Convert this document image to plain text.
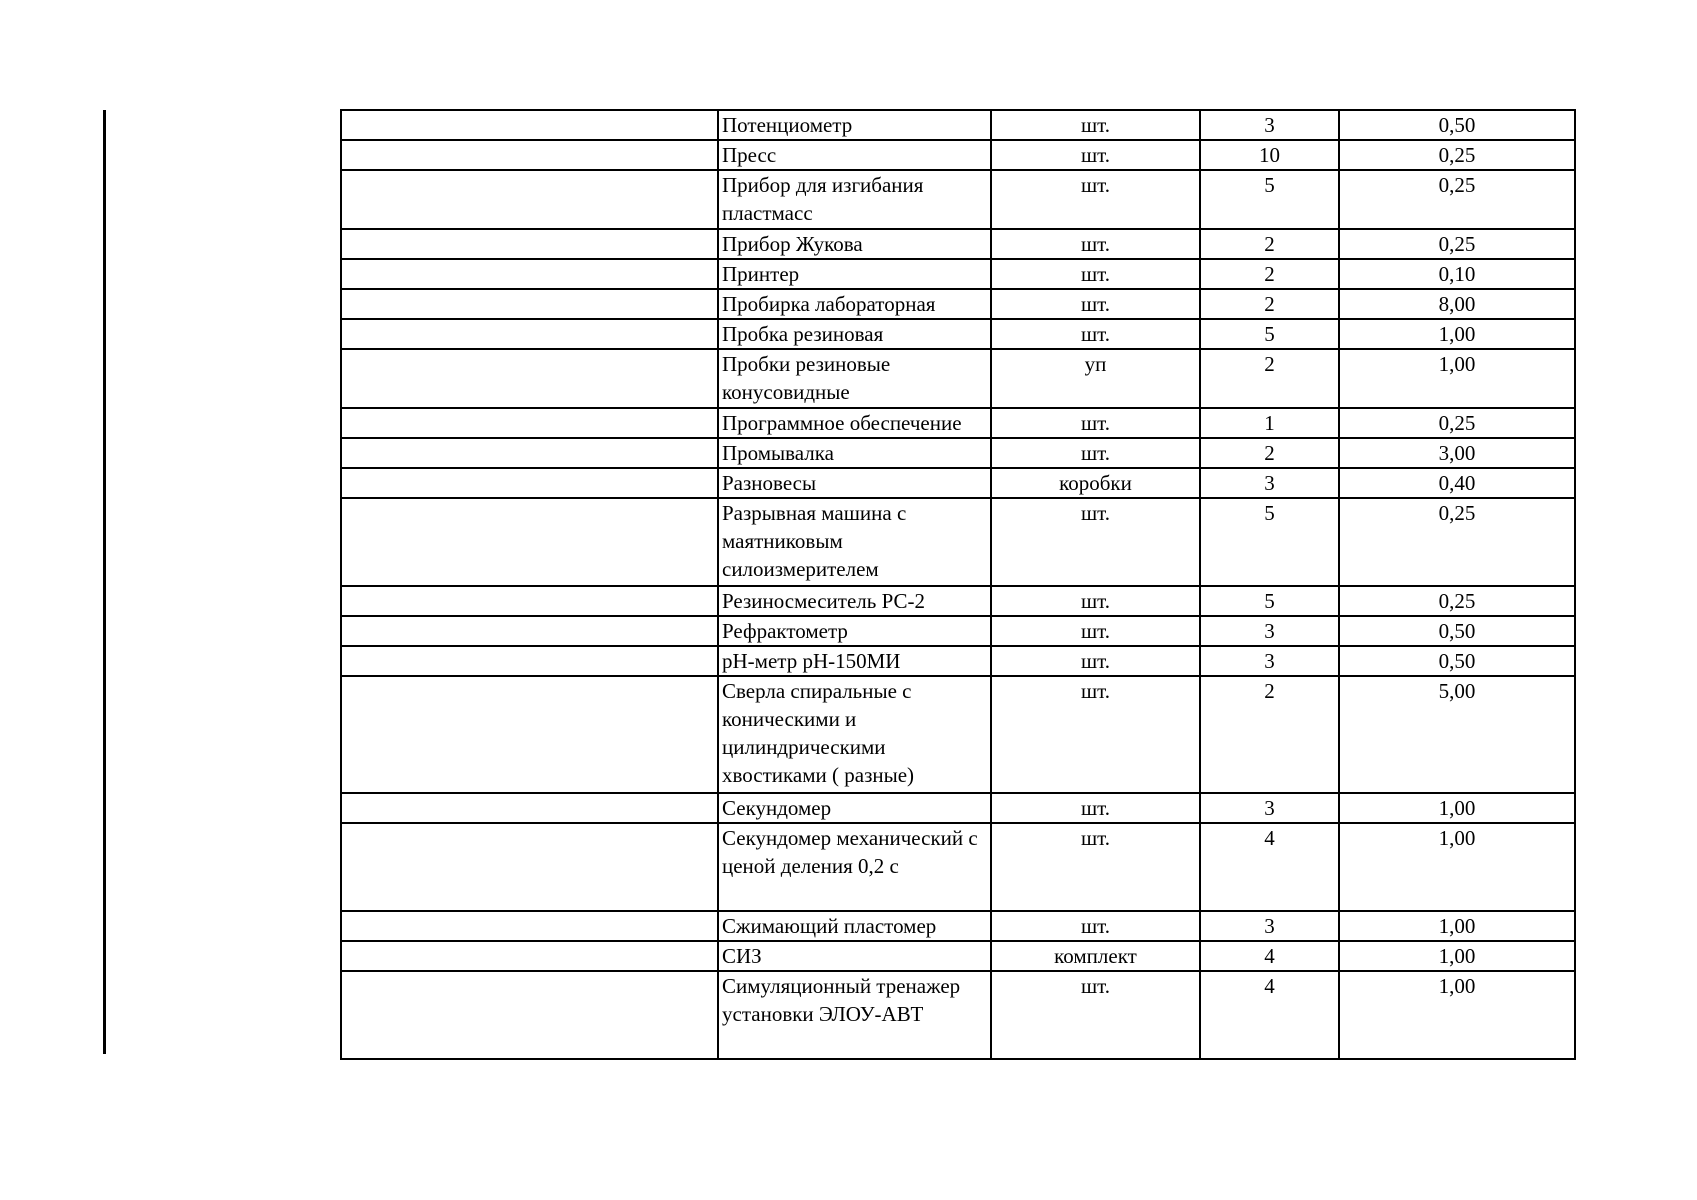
	Потенциометр	шт.	3	0,50

	Пресс	шт.	10	0,25

	Прибор для изгибания пластмасс	шт.	5	0,25

	Прибор Жукова	шт.	2	0,25

	Принтер	шт.	2	0,10

	Пробирка лабораторная	шт.	2	8,00

	Пробка резиновая	шт.	5	1,00

	Пробки резиновые конусовидные	уп	2	1,00

	Программное обеспечение	шт.	1	0,25

	Промывалка	шт.	2	3,00

	Разновесы	коробки	3	0,40

	Разрывная машина с маятниковым силоизмерителем	шт.	5	0,25

	Резиносмеситель РС-2	шт.	5	0,25

	Рефрактометр	шт.	3	0,50

	рН-метр рН-150МИ	шт.	3	0,50

	Сверла спиральные с коническими и цилиндрическими хвостиками ( разные)	шт.	2	5,00

	Секундомер	шт.	3	1,00

	Секундомер механический с ценой деления 0,2 с	шт.	4	1,00

	Сжимающий пластомер	шт.	3	1,00

	СИЗ	комплект	4	1,00

	Симуляционный тренажер установки ЭЛОУ-АВТ	шт.	4	1,00
